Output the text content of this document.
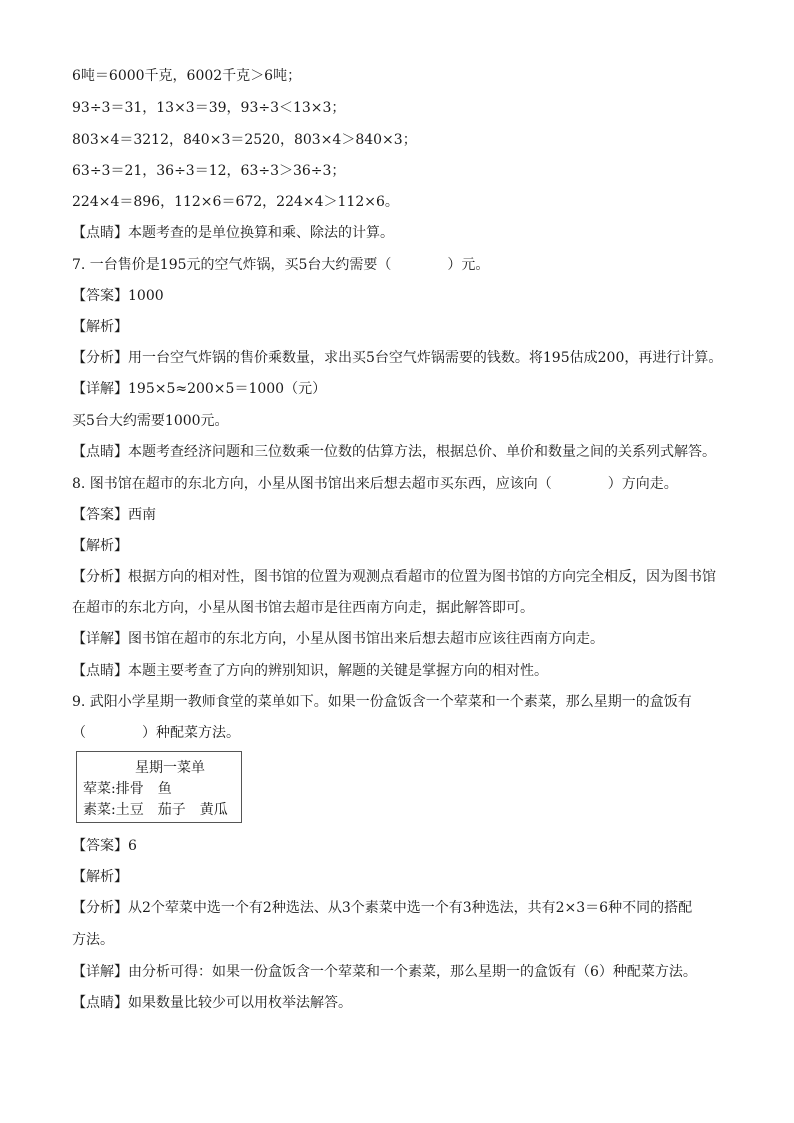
6吨＝6000千克，6002千克＞6吨；
93÷3＝31，13×3＝39，93÷3＜13×3；
803×4＝3212，840×3＝2520，803×4＞840×3；
63÷3＝21，36÷3＝12，63÷3＞36÷3；
224×4＝896，112×6＝672，224×4＞112×6。
【点睛】本题考查的是单位换算和乘、除法的计算。
7. 一台售价是195元的空气炸锅，买5台大约需要（　　　　）元。
【答案】1000
【解析】
【分析】用一台空气炸锅的售价乘数量，求出买5台空气炸锅需要的钱数。将195估成200，再进行计算。
【详解】195×5≈200×5＝1000（元）
买5台大约需要1000元。
【点睛】本题考查经济问题和三位数乘一位数的估算方法，根据总价、单价和数量之间的关系列式解答。
8. 图书馆在超市的东北方向，小星从图书馆出来后想去超市买东西，应该向（　　　　）方向走。
【答案】西南
【解析】
【分析】根据方向的相对性，图书馆的位置为观测点看超市的位置为图书馆的方向完全相反，因为图书馆
在超市的东北方向，小星从图书馆去超市是往西南方向走，据此解答即可。
【详解】图书馆在超市的东北方向，小星从图书馆出来后想去超市应该往西南方向走。
【点睛】本题主要考查了方向的辨别知识，解题的关键是掌握方向的相对性。
9. 武阳小学星期一教师食堂的菜单如下。如果一份盒饭含一个荤菜和一个素菜，那么星期一的盒饭有
（　　　　）种配菜方法。
星期一菜单
荤菜:排骨　鱼
素菜:土豆　茄子　黄瓜
【答案】6
【解析】
【分析】从2个荤菜中选一个有2种选法、从3个素菜中选一个有3种选法，共有2×3＝6种不同的搭配
方法。
【详解】由分析可得：如果一份盒饭含一个荤菜和一个素菜，那么星期一的盒饭有（6）种配菜方法。
【点睛】如果数量比较少可以用枚举法解答。
